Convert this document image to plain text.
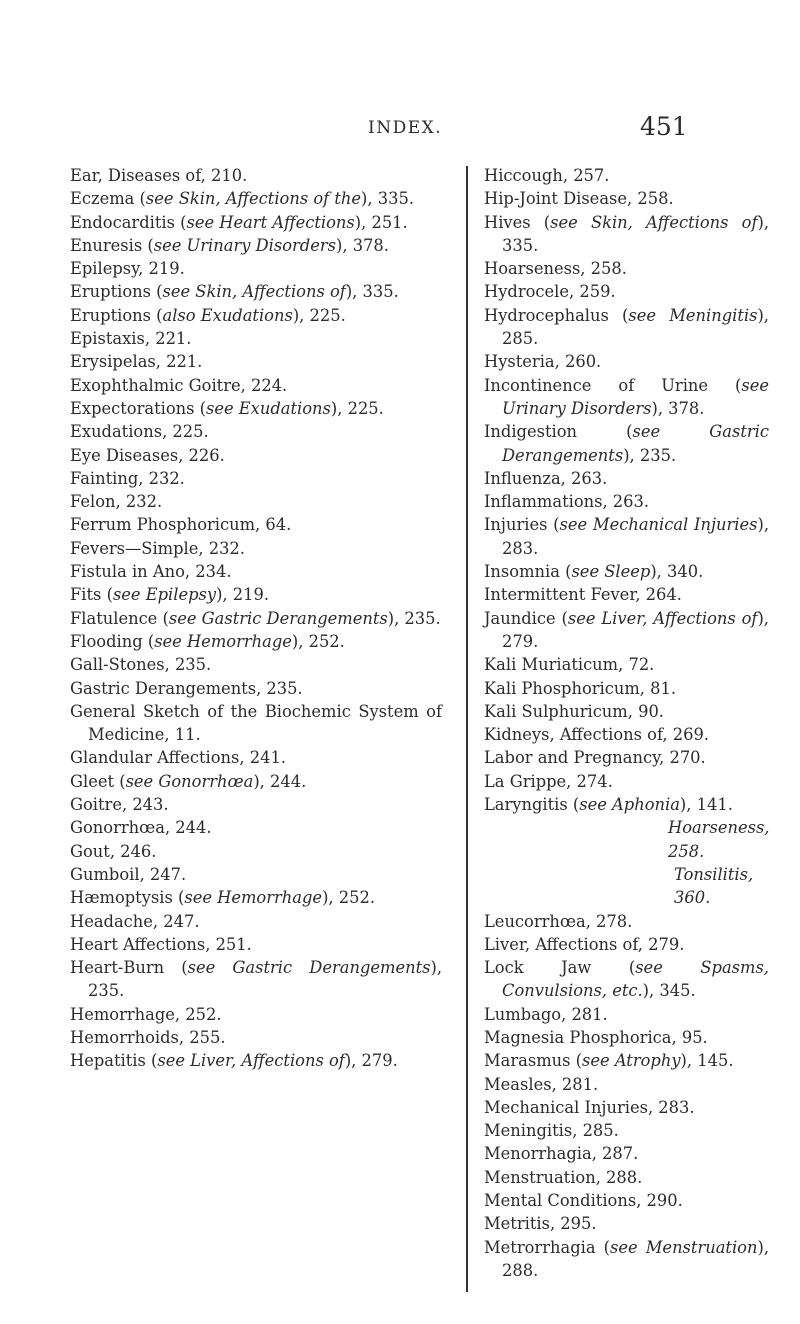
INDEX.	451
Ear, Diseases of, 210.
Eczema (see Skin, Affections of the), 335.
Endocarditis (see Heart Affections), 251.
Enuresis (see Urinary Disorders), 378.
Epilepsy, 219.
Eruptions (see Skin, Affections of), 335.
Eruptions (also Exudations), 225.
Epistaxis, 221.
Erysipelas, 221.
Exophthalmic Goitre, 224.
Expectorations (see Exudations), 225.
Exudations, 225.
Eye Diseases, 226.
Fainting, 232.
Felon, 232.
Ferrum Phosphoricum, 64.
Fevers—Simple, 232.
Fistula in Ano, 234.
Fits (see Epilepsy), 219.
Flatulence (see Gastric Derangements), 235.
Flooding (see Hemorrhage), 252.
Gall-Stones, 235.
Gastric Derangements, 235.
General Sketch of the Biochemic System of Medicine, 11.
Glandular Affections, 241.
Gleet (see Gonorrhœa), 244.
Goitre, 243.
Gonorrhœa, 244.
Gout, 246.
Gumboil, 247.
Hæmoptysis (see Hemorrhage), 252.
Headache, 247.
Heart Affections, 251.
Heart-Burn (see Gastric Derangements), 235.
Hemorrhage, 252.
Hemorrhoids, 255.
Hepatitis (see Liver, Affections of), 279.
Hiccough, 257.
Hip-Joint Disease, 258.
Hives (see Skin, Affections of), 335.
Hoarseness, 258.
Hydrocele, 259.
Hydrocephalus (see Meningitis), 285.
Hysteria, 260.
Incontinence of Urine (see Urinary Disorders), 378.
Indigestion (see Gastric Derangements), 235.
Influenza, 263.
Inflammations, 263.
Injuries (see Mechanical Injuries), 283.
Insomnia (see Sleep), 340.
Intermittent Fever, 264.
Jaundice (see Liver, Affections of), 279.
Kali Muriaticum, 72.
Kali Phosphoricum, 81.
Kali Sulphuricum, 90.
Kidneys, Affections of, 269.
Labor and Pregnancy, 270.
La Grippe, 274.
Laryngitis (see Aphonia), 141.
Hoarseness, 258.
Tonsilitis, 360.
Leucorrhœa, 278.
Liver, Affections of, 279.
Lock Jaw (see Spasms, Convulsions, etc.), 345.
Lumbago, 281.
Magnesia Phosphorica, 95.
Marasmus (see Atrophy), 145.
Measles, 281.
Mechanical Injuries, 283.
Meningitis, 285.
Menorrhagia, 287.
Menstruation, 288.
Mental Conditions, 290.
Metritis, 295.
Metrorrhagia (see Menstruation), 288.
